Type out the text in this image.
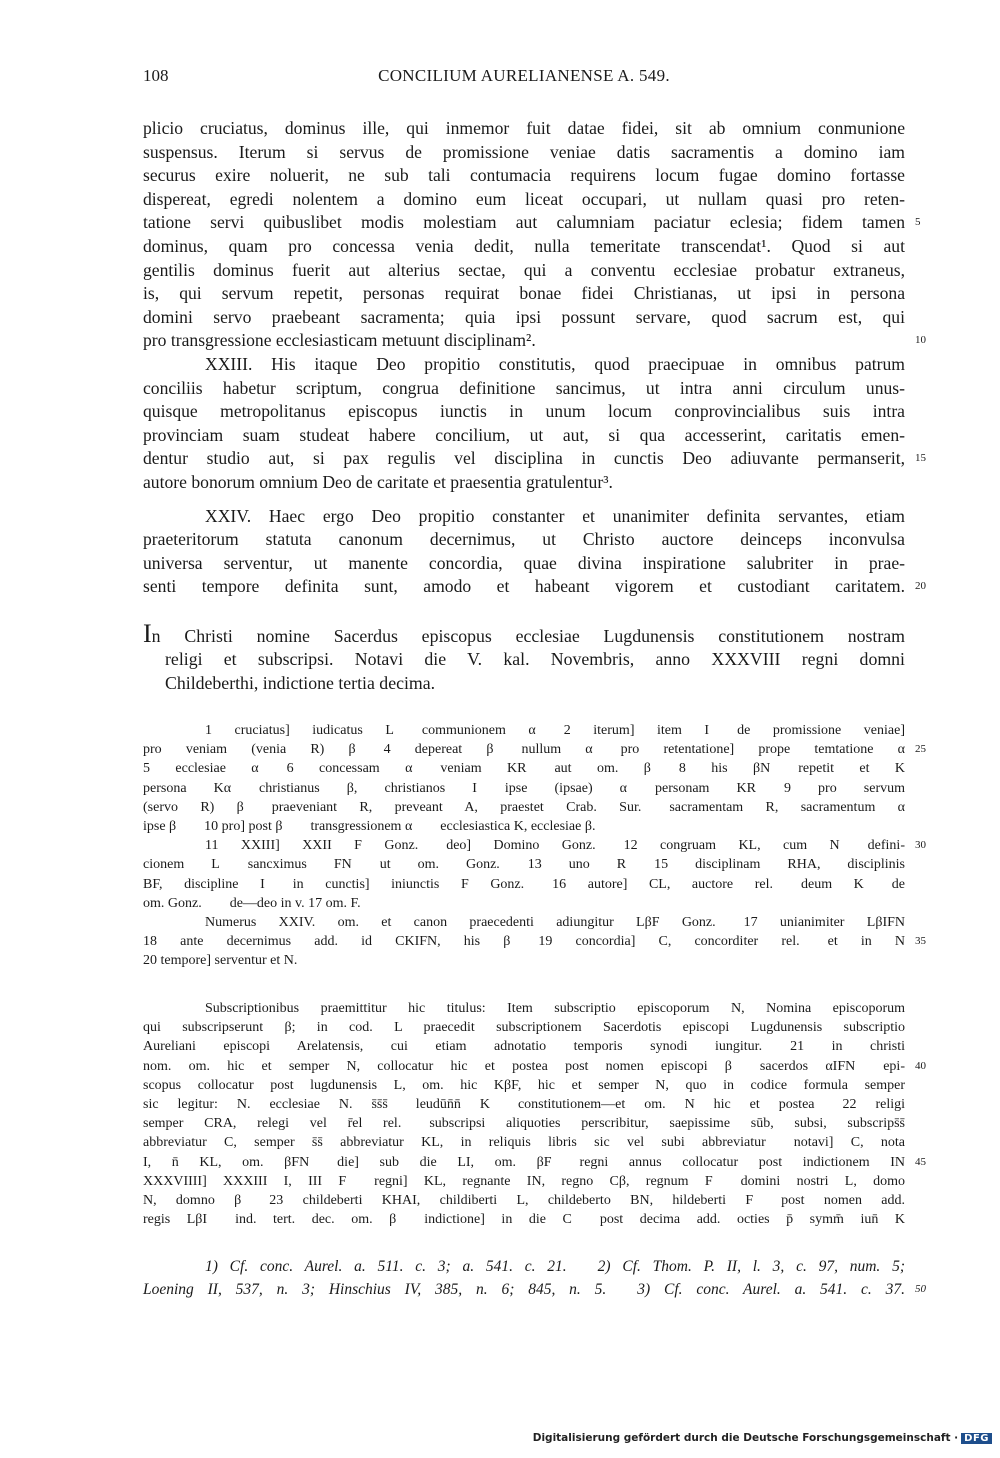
108	CONCILIUM AURELIANENSE A. 549.
plicio cruciatus, dominus ille, qui inmemor fuit datae fidei, sit ab omnium conmunione
suspensus. Iterum si servus de promissione veniae datis sacramentis a domino iam
securus exire noluerit, ne sub tali contumacia requirens locum fugae domino fortasse
dispereat, egredi nolentem a domino eum liceat occupari, ut nullam quasi pro reten-
tatione servi quibuslibet modis molestiam aut calumniam paciatur eclesia; fidem tamen 5
dominus, quam pro concessa venia dedit, nulla temeritate transcendat¹. Quod si aut
gentilis dominus fuerit aut alterius sectae, qui a conventu ecclesiae probatur extraneus,
is, qui servum repetit, personas requirat bonae fidei Christianas, ut ipsi in persona
domini servo praebeant sacramenta; quia ipsi possunt servare, quod sacrum est, qui
pro transgressione ecclesiasticam metuunt disciplinam².	10
XXIII. His itaque Deo propitio constitutis, quod praecipuae in omnibus patrum
conciliis habetur scriptum, congrua definitione sancimus, ut intra anni circulum unus-
quisque metropolitanus episcopus iunctis in unum locum conprovincialibus suis intra
provinciam suam studeat habere concilium, ut aut, si qua accesserint, caritatis emen-
dentur studio aut, si pax regulis vel disciplina in cunctis Deo adiuvante permanserit, 15
autore bonorum omnium Deo de caritate et praesentia gratulentur³.
XXIV. Haec ergo Deo propitio constanter et unanimiter definita servantes, etiam
praeteritorum statuta canonum decernimus, ut Christo auctore deinceps inconvulsa
universa serventur, ut manente concordia, quae divina inspiratione salubriter in prae-
senti tempore definita sunt, amodo et habeant vigorem et custodiant caritatem. 20
In Christi nomine Sacerdus episcopus ecclesiae Lugdunensis constitutionem nostram
religi et subscripsi. Notavi die V. kal. Novembris, anno XXXVIII regni domni
Childeberthi, indictione tertia decima.
1 cruciatus] iudicatus L  communionem α  2 iterum] item I  de promissione veniae]
pro veniam (venia R) β  4 depereat β  nullum α  pro retentatione] prope temtatione α 25
5 ecclesiae α  6 concessam α  veniam KR  aut om. β  8 his βN  repetit et K
persona Kα  christianus β, christianos I  ipse (ipsae) α  personam KR  9 pro servum
(servo R) β  praeveniant R, preveant A, praestet Crab. Sur.  sacramentam R, sacramentum α
ipse β  10 pro] post β  transgressionem α  ecclesiastica K, ecclesiae β.
11 XXIII] XXII F Gonz.  deo] Domino Gonz.  12 congruam KL, cum N  defini- 30
cionem L  sancximus FN  ut om. Gonz.  13 uno R  15 disciplinam RHA, disciplinis
BF, discipline I  in cunctis] iniunctis F Gonz.  16 autore] CL, auctore rel.  deum K  de
om. Gonz.  de—deo in v. 17 om. F.
Numerus XXIV. om. et canon praecedenti adiungitur LβF Gonz.  17 unianimiter LβIFN
18 ante decernimus add. id CKIFN, his β  19 concordia] C, concorditer rel.  et in N 35
20 tempore] serventur et N.
Subscriptionibus praemittitur hic titulus: Item subscriptio episcoporum N, Nomina episcoporum
qui subscripserunt β; in cod. L praecedit subscriptionem Sacerdotis episcopi Lugdunensis subscriptio
Aureliani episcopi Arelatensis, cui etiam adnotatio temporis synodi iungitur.  21 in christi
nom. om. hic et semper N, collocatur hic et postea post nomen episcopi β  sacerdos αIFN  epi- 40
scopus collocatur post lugdunensis L, om. hic KβF, hic et semper N, quo in codice formula semper
sic legitur: N. ecclesiae N. s̄s̄s̄  leudūn̄n̄ K  constitutionem—et om. N hic et postea  22 religi
semper CRA, relegi vel r̄el rel.  subscripsi aliquoties perscribitur, saepissime sūb, subsi, subscrips̄s̄
abbreviatur C, semper s̄s̄ abbreviatur KL, in reliquis libris sic vel subi abbreviatur  notavi] C, nota
I, n̄ KL, om. βFN  die] sub die LI, om. βF  regni annus collocatur post indictionem IN 45
XXXVIIII] XXXIII I, III F  regni] KL, regnante IN, regno Cβ, regnum F  domini nostri L, domo
N, domno β  23 childeberti KHAI, childiberti L, childeberto BN, hildeberti F  post nomen add.
regis LβI  ind. tert. dec. om. β  indictione] in die C  post decima add. octies p̄ symm̄ iun̄ K
1) Cf. conc. Aurel. a. 511. c. 3; a. 541. c. 21.  2) Cf. Thom. P. II, l. 3, c. 97, num. 5;
Loening II, 537, n. 3; Hinschius IV, 385, n. 6; 845, n. 5.  3) Cf. conc. Aurel. a. 541. c. 37. 50
Digitalisierung gefördert durch die Deutsche Forschungsgemeinschaft · DFG
